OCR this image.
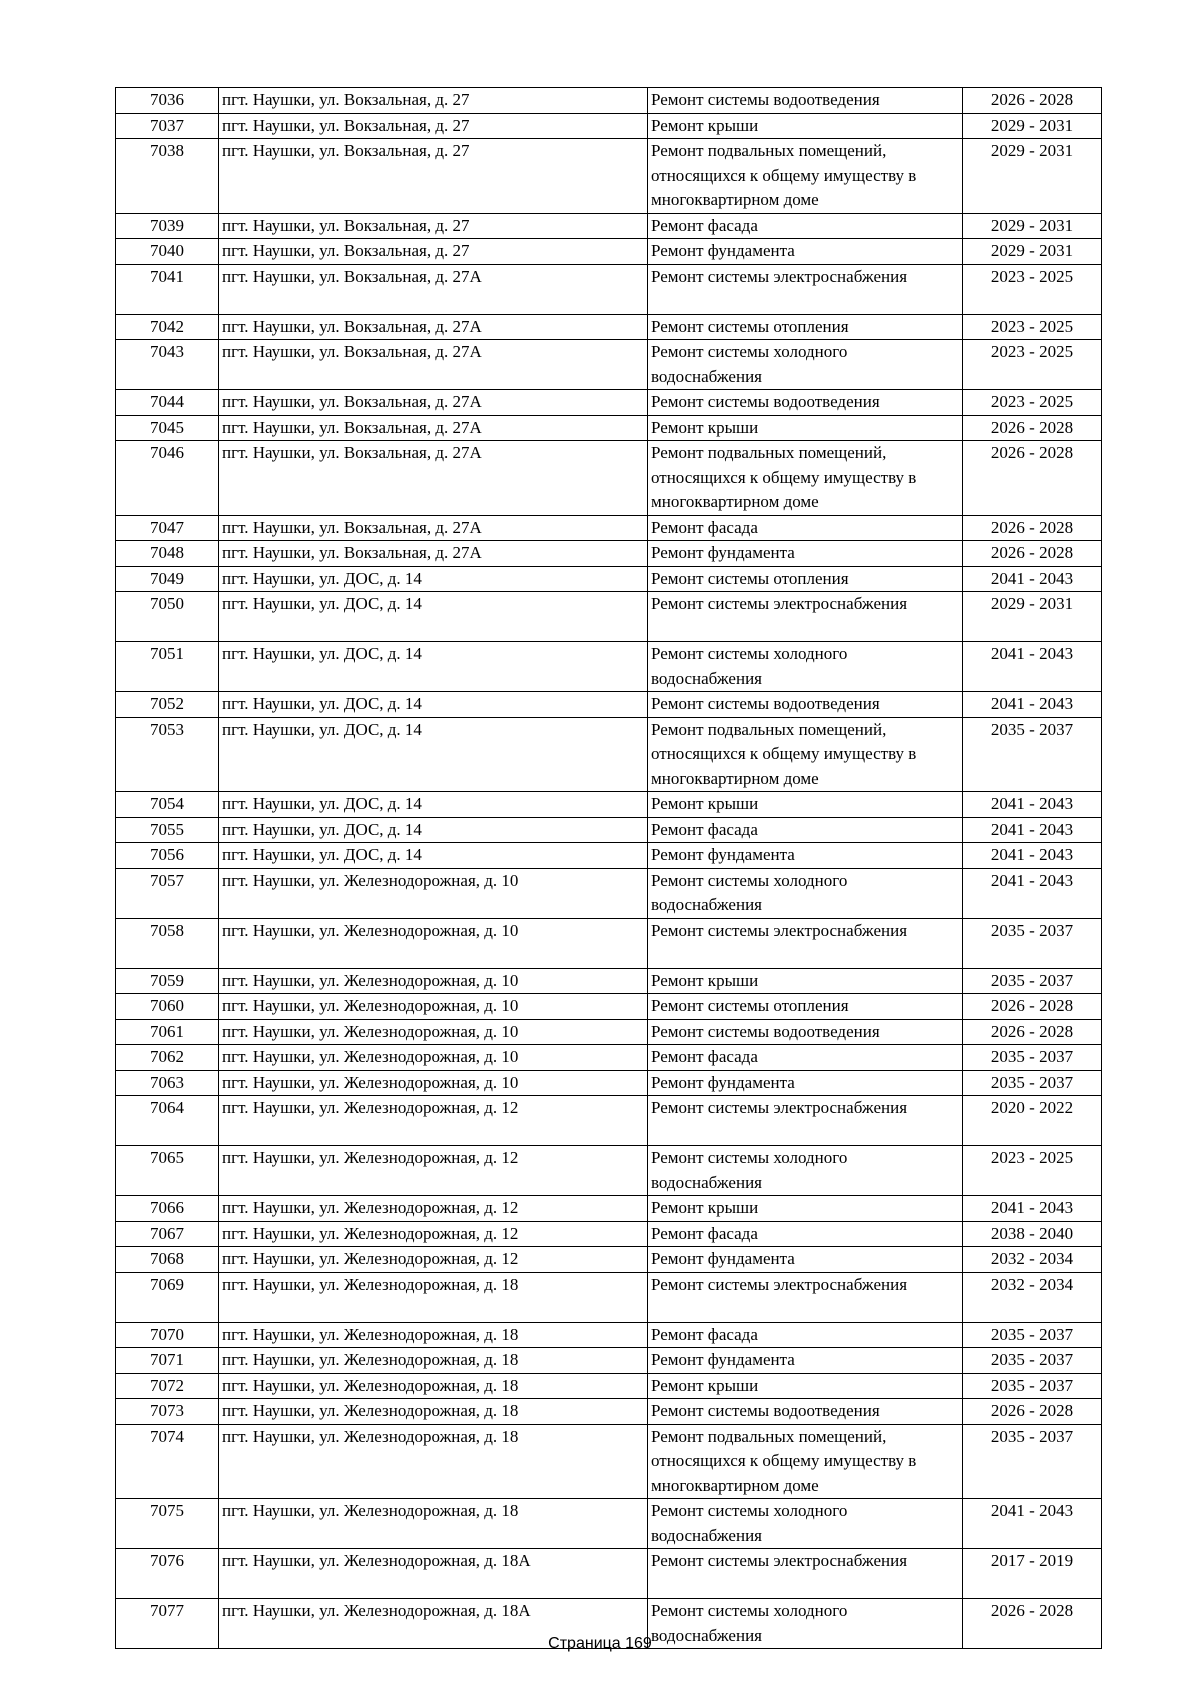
7036	пгт. Наушки, ул. Вокзальная, д. 27	Ремонт системы водоотведения	2026 - 2028
7037	пгт. Наушки, ул. Вокзальная, д. 27	Ремонт крыши	2029 - 2031
7038	пгт. Наушки, ул. Вокзальная, д. 27	Ремонт подвальных помещений, относящихся к общему имуществу в многоквартирном доме	2029 - 2031
7039	пгт. Наушки, ул. Вокзальная, д. 27	Ремонт фасада	2029 - 2031
7040	пгт. Наушки, ул. Вокзальная, д. 27	Ремонт фундамента	2029 - 2031
7041	пгт. Наушки, ул. Вокзальная, д. 27А	Ремонт системы электроснабжения	2023 - 2025
7042	пгт. Наушки, ул. Вокзальная, д. 27А	Ремонт системы отопления	2023 - 2025
7043	пгт. Наушки, ул. Вокзальная, д. 27А	Ремонт системы холодного водоснабжения	2023 - 2025
7044	пгт. Наушки, ул. Вокзальная, д. 27А	Ремонт системы водоотведения	2023 - 2025
7045	пгт. Наушки, ул. Вокзальная, д. 27А	Ремонт крыши	2026 - 2028
7046	пгт. Наушки, ул. Вокзальная, д. 27А	Ремонт подвальных помещений, относящихся к общему имуществу в многоквартирном доме	2026 - 2028
7047	пгт. Наушки, ул. Вокзальная, д. 27А	Ремонт фасада	2026 - 2028
7048	пгт. Наушки, ул. Вокзальная, д. 27А	Ремонт фундамента	2026 - 2028
7049	пгт. Наушки, ул. ДОС, д. 14	Ремонт системы отопления	2041 - 2043
7050	пгт. Наушки, ул. ДОС, д. 14	Ремонт системы электроснабжения	2029 - 2031
7051	пгт. Наушки, ул. ДОС, д. 14	Ремонт системы холодного водоснабжения	2041 - 2043
7052	пгт. Наушки, ул. ДОС, д. 14	Ремонт системы водоотведения	2041 - 2043
7053	пгт. Наушки, ул. ДОС, д. 14	Ремонт подвальных помещений, относящихся к общему имуществу в многоквартирном доме	2035 - 2037
7054	пгт. Наушки, ул. ДОС, д. 14	Ремонт крыши	2041 - 2043
7055	пгт. Наушки, ул. ДОС, д. 14	Ремонт фасада	2041 - 2043
7056	пгт. Наушки, ул. ДОС, д. 14	Ремонт фундамента	2041 - 2043
7057	пгт. Наушки, ул. Железнодорожная, д. 10	Ремонт системы холодного водоснабжения	2041 - 2043
7058	пгт. Наушки, ул. Железнодорожная, д. 10	Ремонт системы электроснабжения	2035 - 2037
7059	пгт. Наушки, ул. Железнодорожная, д. 10	Ремонт крыши	2035 - 2037
7060	пгт. Наушки, ул. Железнодорожная, д. 10	Ремонт системы отопления	2026 - 2028
7061	пгт. Наушки, ул. Железнодорожная, д. 10	Ремонт системы водоотведения	2026 - 2028
7062	пгт. Наушки, ул. Железнодорожная, д. 10	Ремонт фасада	2035 - 2037
7063	пгт. Наушки, ул. Железнодорожная, д. 10	Ремонт фундамента	2035 - 2037
7064	пгт. Наушки, ул. Железнодорожная, д. 12	Ремонт системы электроснабжения	2020 - 2022
7065	пгт. Наушки, ул. Железнодорожная, д. 12	Ремонт системы холодного водоснабжения	2023 - 2025
7066	пгт. Наушки, ул. Железнодорожная, д. 12	Ремонт крыши	2041 - 2043
7067	пгт. Наушки, ул. Железнодорожная, д. 12	Ремонт фасада	2038 - 2040
7068	пгт. Наушки, ул. Железнодорожная, д. 12	Ремонт фундамента	2032 - 2034
7069	пгт. Наушки, ул. Железнодорожная, д. 18	Ремонт системы электроснабжения	2032 - 2034
7070	пгт. Наушки, ул. Железнодорожная, д. 18	Ремонт фасада	2035 - 2037
7071	пгт. Наушки, ул. Железнодорожная, д. 18	Ремонт фундамента	2035 - 2037
7072	пгт. Наушки, ул. Железнодорожная, д. 18	Ремонт крыши	2035 - 2037
7073	пгт. Наушки, ул. Железнодорожная, д. 18	Ремонт системы водоотведения	2026 - 2028
7074	пгт. Наушки, ул. Железнодорожная, д. 18	Ремонт подвальных помещений, относящихся к общему имуществу в многоквартирном доме	2035 - 2037
7075	пгт. Наушки, ул. Железнодорожная, д. 18	Ремонт системы холодного водоснабжения	2041 - 2043
7076	пгт. Наушки, ул. Железнодорожная, д. 18А	Ремонт системы электроснабжения	2017 - 2019
7077	пгт. Наушки, ул. Железнодорожная, д. 18А	Ремонт системы холодного водоснабжения	2026 - 2028
Страница 169
